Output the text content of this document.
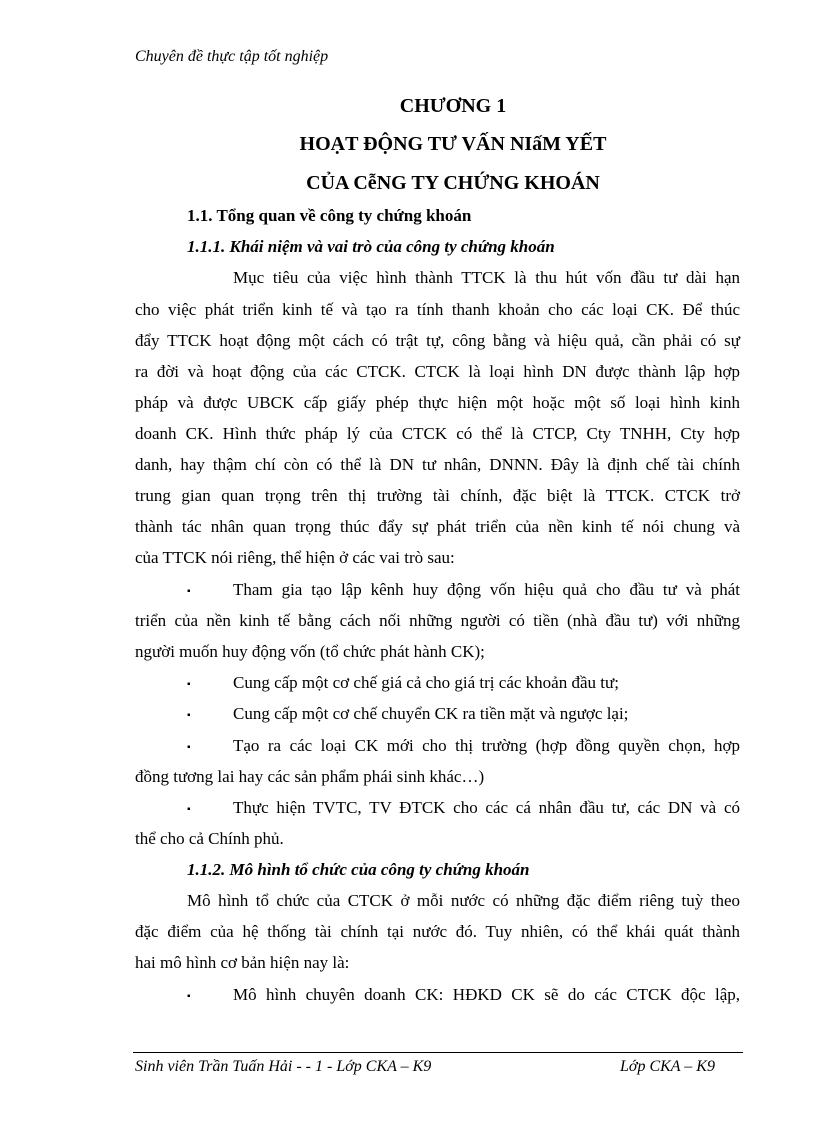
Chuyên đề thực tập tốt nghiệp
CHƯƠNG 1
HOẠT ĐỘNG TƯ VẤN NIấM YẾT
CỦA CễNG TY CHỨNG KHOÁN
1.1. Tổng quan về công ty chứng khoán
1.1.1. Khái niệm và vai trò của công ty chứng khoán
Mục tiêu của việc hình thành TTCK là thu hút vốn đầu tư dài hạn
cho việc phát triển kinh tế và tạo ra tính thanh khoản cho các loại CK. Để thúc
đẩy TTCK hoạt động một cách có trật tự, công bằng và hiệu quả, cần phải có sự
ra đời và hoạt động của các CTCK. CTCK là loại hình DN được thành lập hợp
pháp và được UBCK cấp giấy phép thực hiện một hoặc một số loại hình kinh
doanh CK. Hình thức pháp lý của CTCK có thể là CTCP, Cty TNHH, Cty hợp
danh, hay thậm chí còn có thể là DN tư nhân, DNNN. Đây là định chế tài chính
trung gian quan trọng trên thị trường tài chính, đặc biệt là TTCK. CTCK trở
thành tác nhân quan trọng thúc đẩy sự phát triển của nền kinh tế nói chung và
của TTCK nói riêng, thể hiện ở các vai trò sau:
▪ Tham gia tạo lập kênh huy động vốn hiệu quả cho đầu tư và phát
triển của nền kinh tế bằng cách nối những người có tiền (nhà đầu tư) với những
người muốn huy động vốn (tổ chức phát hành CK);
▪ Cung cấp một cơ chế giá cả cho giá trị các khoản đầu tư;
▪ Cung cấp một cơ chế chuyển CK ra tiền mặt và ngược lại;
▪ Tạo ra các loại CK mới cho thị trường (hợp đồng quyền chọn, hợp
đồng tương lai hay các sản phẩm phái sinh khác…)
▪ Thực hiện TVTC, TV ĐTCK cho các cá nhân đầu tư, các DN và có
thể cho cả Chính phủ.
1.1.2. Mô hình tổ chức của công ty chứng khoán
Mô hình tổ chức của CTCK ở mỗi nước có những đặc điểm riêng tuỳ theo
đặc điểm của hệ thống tài chính tại nước đó. Tuy nhiên, có thể khái quát thành
hai mô hình cơ bản hiện nay là:
▪ Mô hình chuyên doanh CK: HĐKD CK sẽ do các CTCK độc lập,
Sinh viên Trần Tuấn Hải - - 1 - Lớp CKA – K9	Lớp CKA – K9
